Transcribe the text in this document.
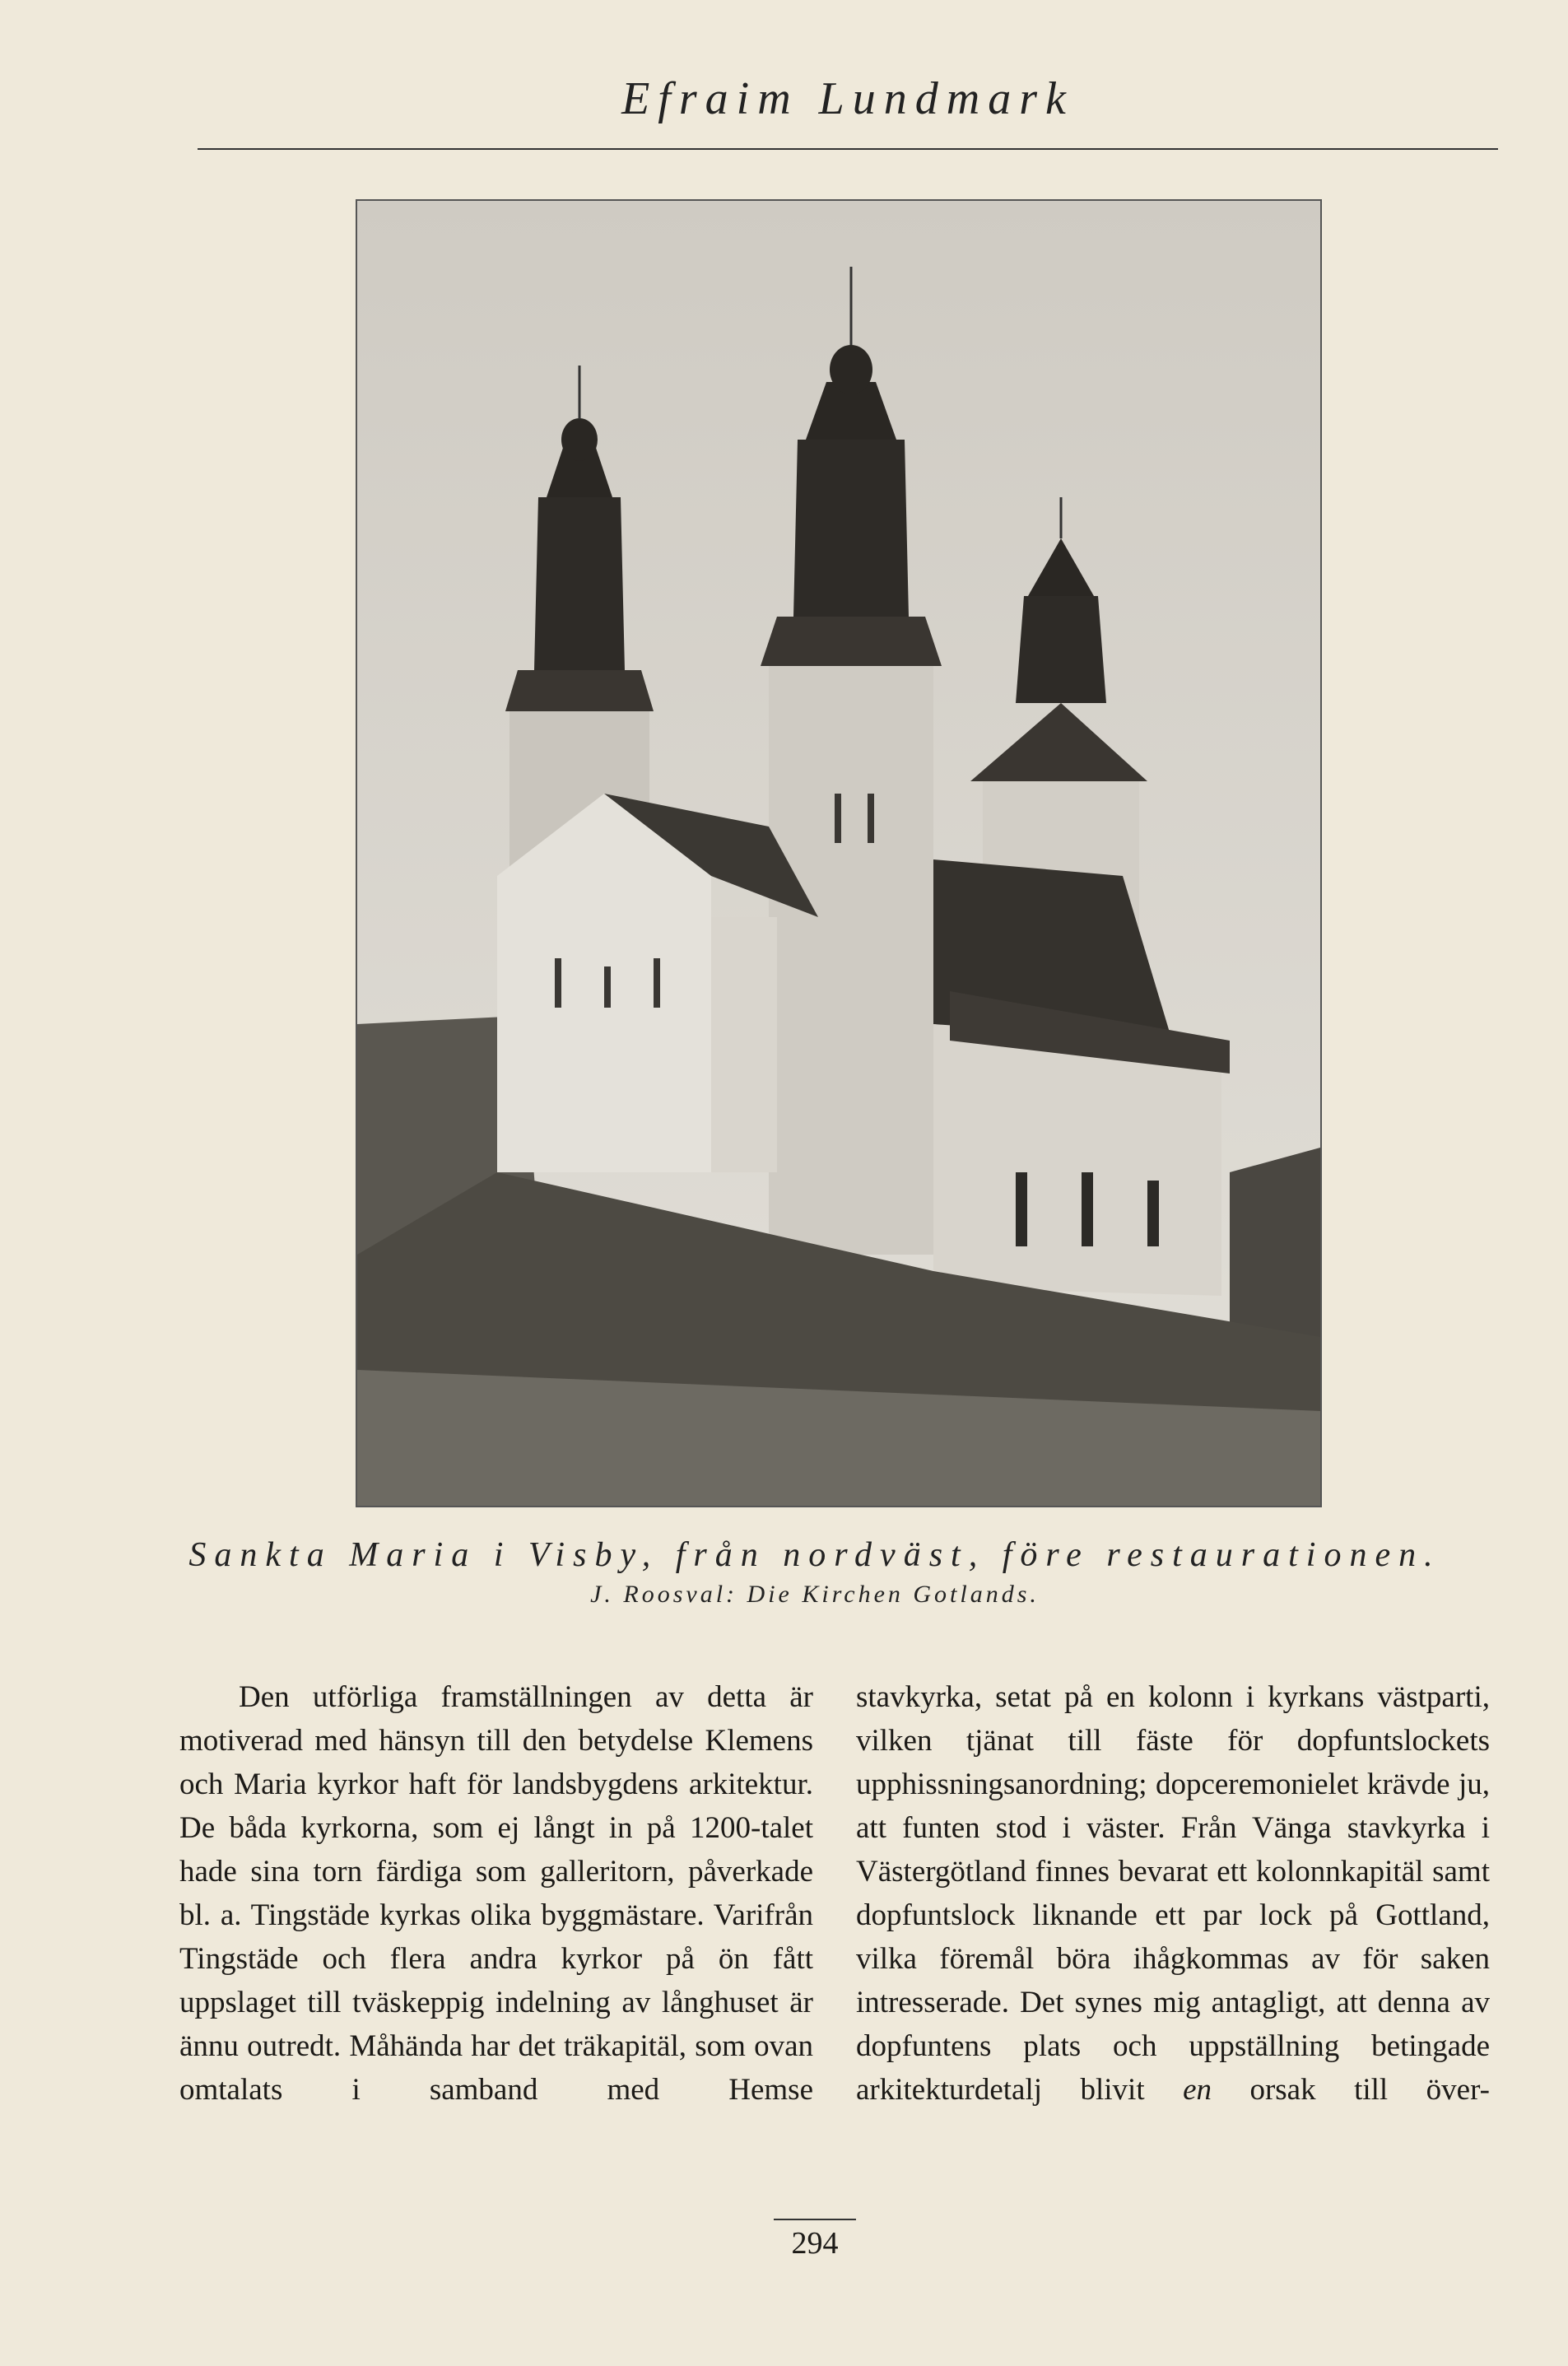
Efraim Lundmark
Sankta Maria i Visby, från nordväst, före restaurationen.
J. Roosval: Die Kirchen Gotlands.

Den utförliga framställningen av detta är motiverad med hänsyn till den betydelse Klemens och Maria kyrkor haft för landsbygdens arkitektur. De båda kyrkorna, som ej långt in på 1200-talet hade sina torn färdiga som galleritorn, påverkade bl. a. Tingstäde kyrkas olika byggmästare. Varifrån Tingstäde och flera andra kyrkor på ön fått uppslaget till tväskeppig indelning av långhuset är ännu outredt. Måhända har det träkapitäl, som ovan omtalats i samband med Hemse

stavkyrka, setat på en kolonn i kyrkans västparti, vilken tjänat till fäste för dopfuntslockets upphissningsanordning; dopceremonielet krävde ju, att funten stod i väster. Från Vänga stavkyrka i Västergötland finnes bevarat ett kolonnkapitäl samt dopfuntslock liknande ett par lock på Gottland, vilka föremål böra ihågkommas av för saken intresserade. Det synes mig antagligt, att denna av dopfuntens plats och uppställning betingade arkitekturdetalj blivit en orsak till över-

294
